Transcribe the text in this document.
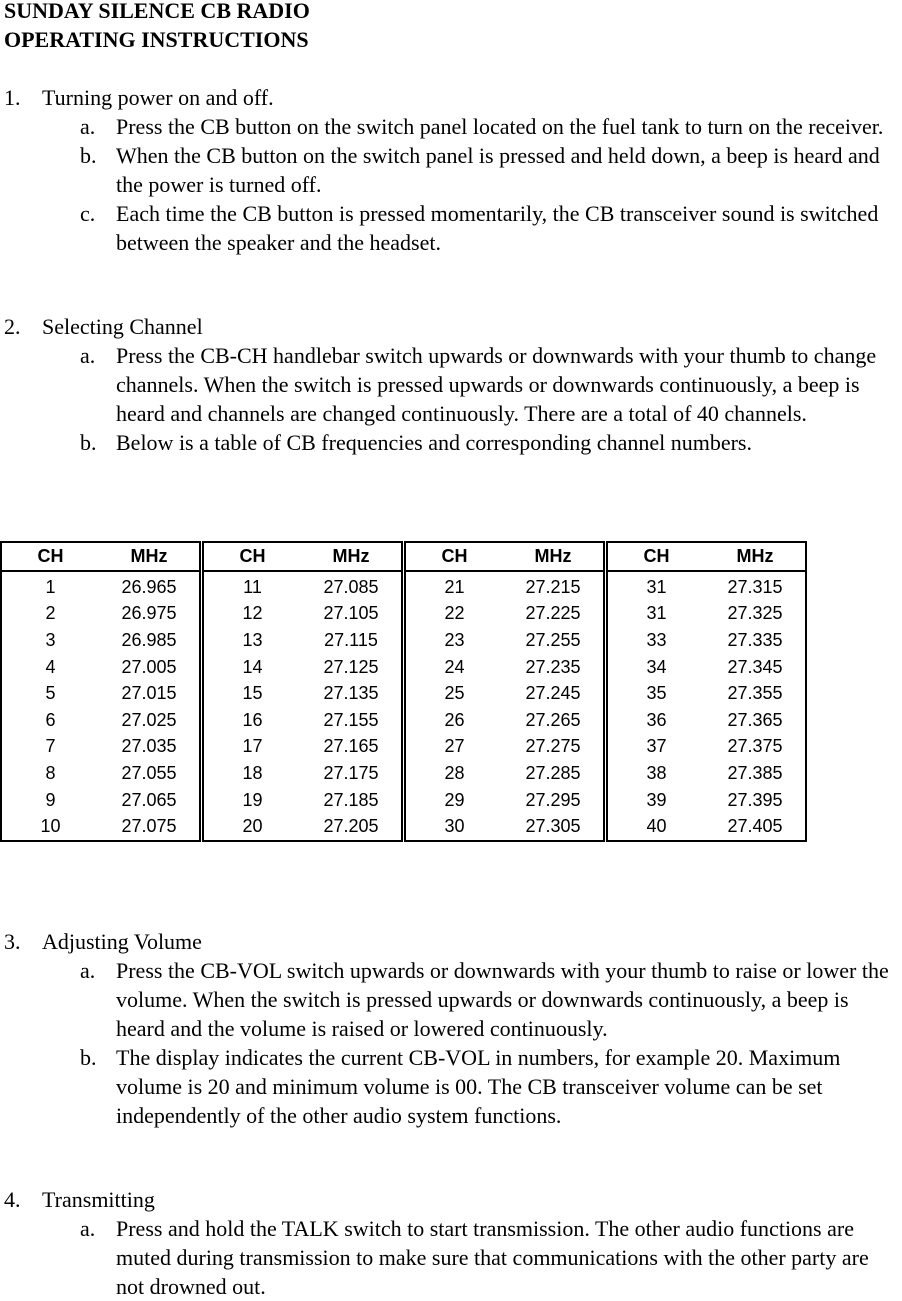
SUNDAY SILENCE CB RADIO
OPERATING INSTRUCTIONS
1. Turning power on and off.
a. Press the CB button on the switch panel located on the fuel tank to turn on the receiver.
b. When the CB button on the switch panel is pressed and held down, a beep is heard and the power is turned off.
c. Each time the CB button is pressed momentarily, the CB transceiver sound is switched between the speaker and the headset.
2. Selecting Channel
a. Press the CB-CH handlebar switch upwards or downwards with your thumb to change channels. When the switch is pressed upwards or downwards continuously, a beep is heard and channels are changed continuously. There are a total of 40 channels.
b. Below is a table of CB frequencies and corresponding channel numbers.
CH	MHz	CH	MHz	CH	MHz	CH	MHz
1	26.965	11	27.085	21	27.215	31	27.315
2	26.975	12	27.105	22	27.225	31	27.325
3	26.985	13	27.115	23	27.255	33	27.335
4	27.005	14	27.125	24	27.235	34	27.345
5	27.015	15	27.135	25	27.245	35	27.355
6	27.025	16	27.155	26	27.265	36	27.365
7	27.035	17	27.165	27	27.275	37	27.375
8	27.055	18	27.175	28	27.285	38	27.385
9	27.065	19	27.185	29	27.295	39	27.395
10	27.075	20	27.205	30	27.305	40	27.405
3. Adjusting Volume
a. Press the CB-VOL switch upwards or downwards with your thumb to raise or lower the volume. When the switch is pressed upwards or downwards continuously, a beep is heard and the volume is raised or lowered continuously.
b. The display indicates the current CB-VOL in numbers, for example 20. Maximum volume is 20 and minimum volume is 00. The CB transceiver volume can be set independently of the other audio system functions.
4. Transmitting
a. Press and hold the TALK switch to start transmission. The other audio functions are muted during transmission to make sure that communications with the other party are not drowned out.
